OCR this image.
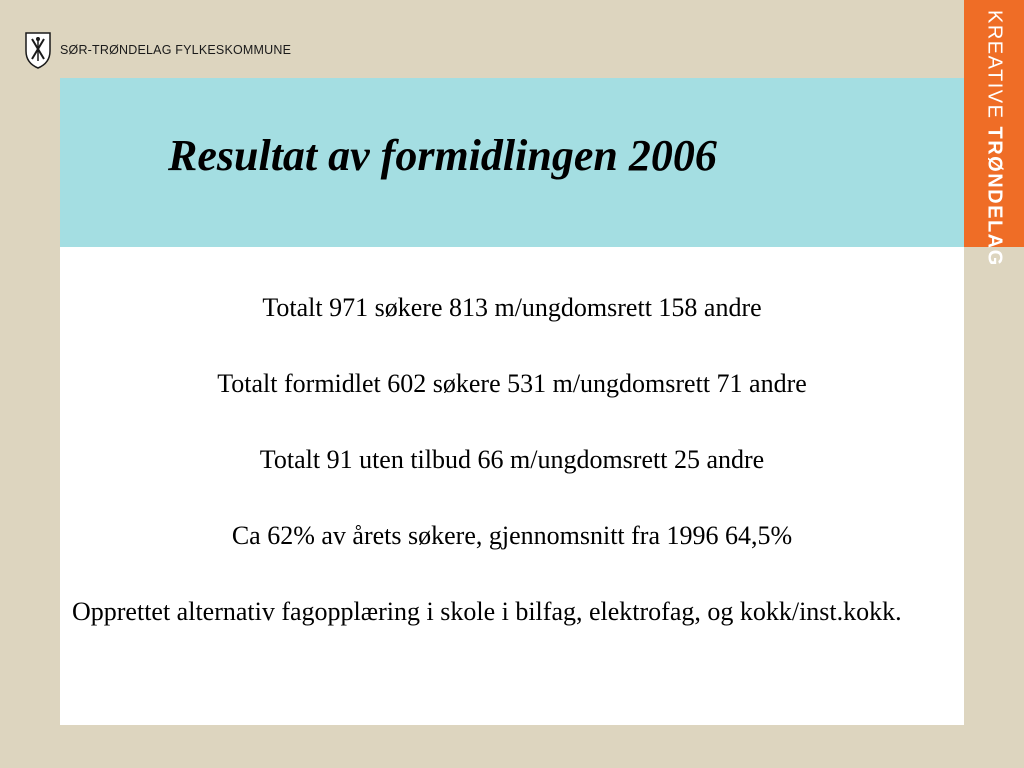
SØR-TRØNDELAG FYLKESKOMMUNE	KREATIVE TRØNDELAG
Resultat av formidlingen 2006

Totalt 971 søkere 813 m/ungdomsrett 158 andre

Totalt formidlet 602 søkere 531 m/ungdomsrett 71 andre

Totalt 91 uten tilbud 66 m/ungdomsrett 25 andre

Ca 62% av årets søkere, gjennomsnitt fra 1996 64,5%

Opprettet alternativ fagopplæring i skole i bilfag, elektrofag, og kokk/inst.kokk.
